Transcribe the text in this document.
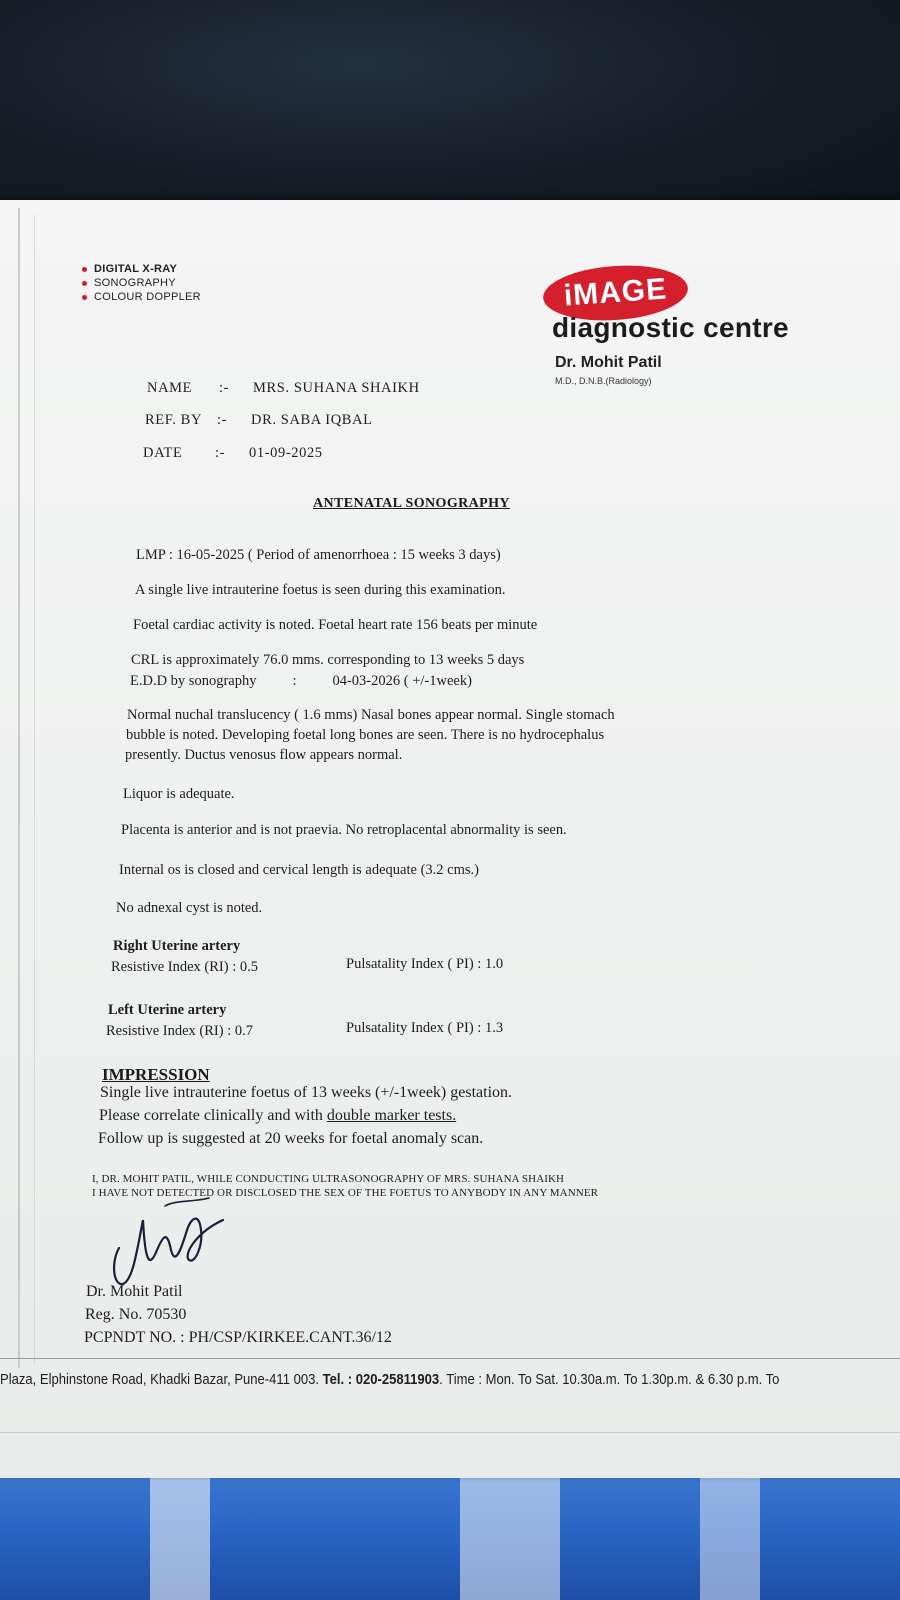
DIGITAL X-RAY
SONOGRAPHY
COLOUR DOPPLER	iMAGE
diagnostic centre
Dr. Mohit Patil
M.D., D.N.B.(Radiology)
NAME :- MRS. SUHANA SHAIKH
REF. BY :- DR. SABA IQBAL
DATE :- 01-09-2025
ANTENATAL SONOGRAPHY
LMP : 16-05-2025 ( Period of amenorrhoea : 15 weeks 3 days)
A single live intrauterine foetus is seen during this examination.
Foetal cardiac activity is noted. Foetal heart rate 156 beats per minute
CRL is approximately 76.0 mms. corresponding to 13 weeks 5 days
E.D.D by sonography : 04-03-2026 ( +/-1week)
Normal nuchal translucency ( 1.6 mms) Nasal bones appear normal. Single stomach
bubble is noted. Developing foetal long bones are seen. There is no hydrocephalus
presently. Ductus venosus flow appears normal.
Liquor is adequate.
Placenta is anterior and is not praevia. No retroplacental abnormality is seen.
Internal os is closed and cervical length is adequate (3.2 cms.)
No adnexal cyst is noted.
Right Uterine artery
Resistive Index (RI) : 0.5	Pulsatality Index ( PI) : 1.0
Left Uterine artery
Resistive Index (RI) : 0.7	Pulsatality Index ( PI) : 1.3
IMPRESSION
Single live intrauterine foetus of 13 weeks (+/-1week) gestation.
Please correlate clinically and with double marker tests.
Follow up is suggested at 20 weeks for foetal anomaly scan.
I, DR. MOHIT PATIL, WHILE CONDUCTING ULTRASONOGRAPHY OF MRS. SUHANA SHAIKH
I HAVE NOT DETECTED OR DISCLOSED THE SEX OF THE FOETUS TO ANYBODY IN ANY MANNER
Dr. Mohit Patil
Reg. No. 70530
PCPNDT NO. : PH/CSP/KIRKEE.CANT.36/12
Plaza, Elphinstone Road, Khadki Bazar, Pune-411 003. Tel. : 020-25811903. Time : Mon. To Sat. 10.30a.m. To 1.30p.m. & 6.30 p.m. To
